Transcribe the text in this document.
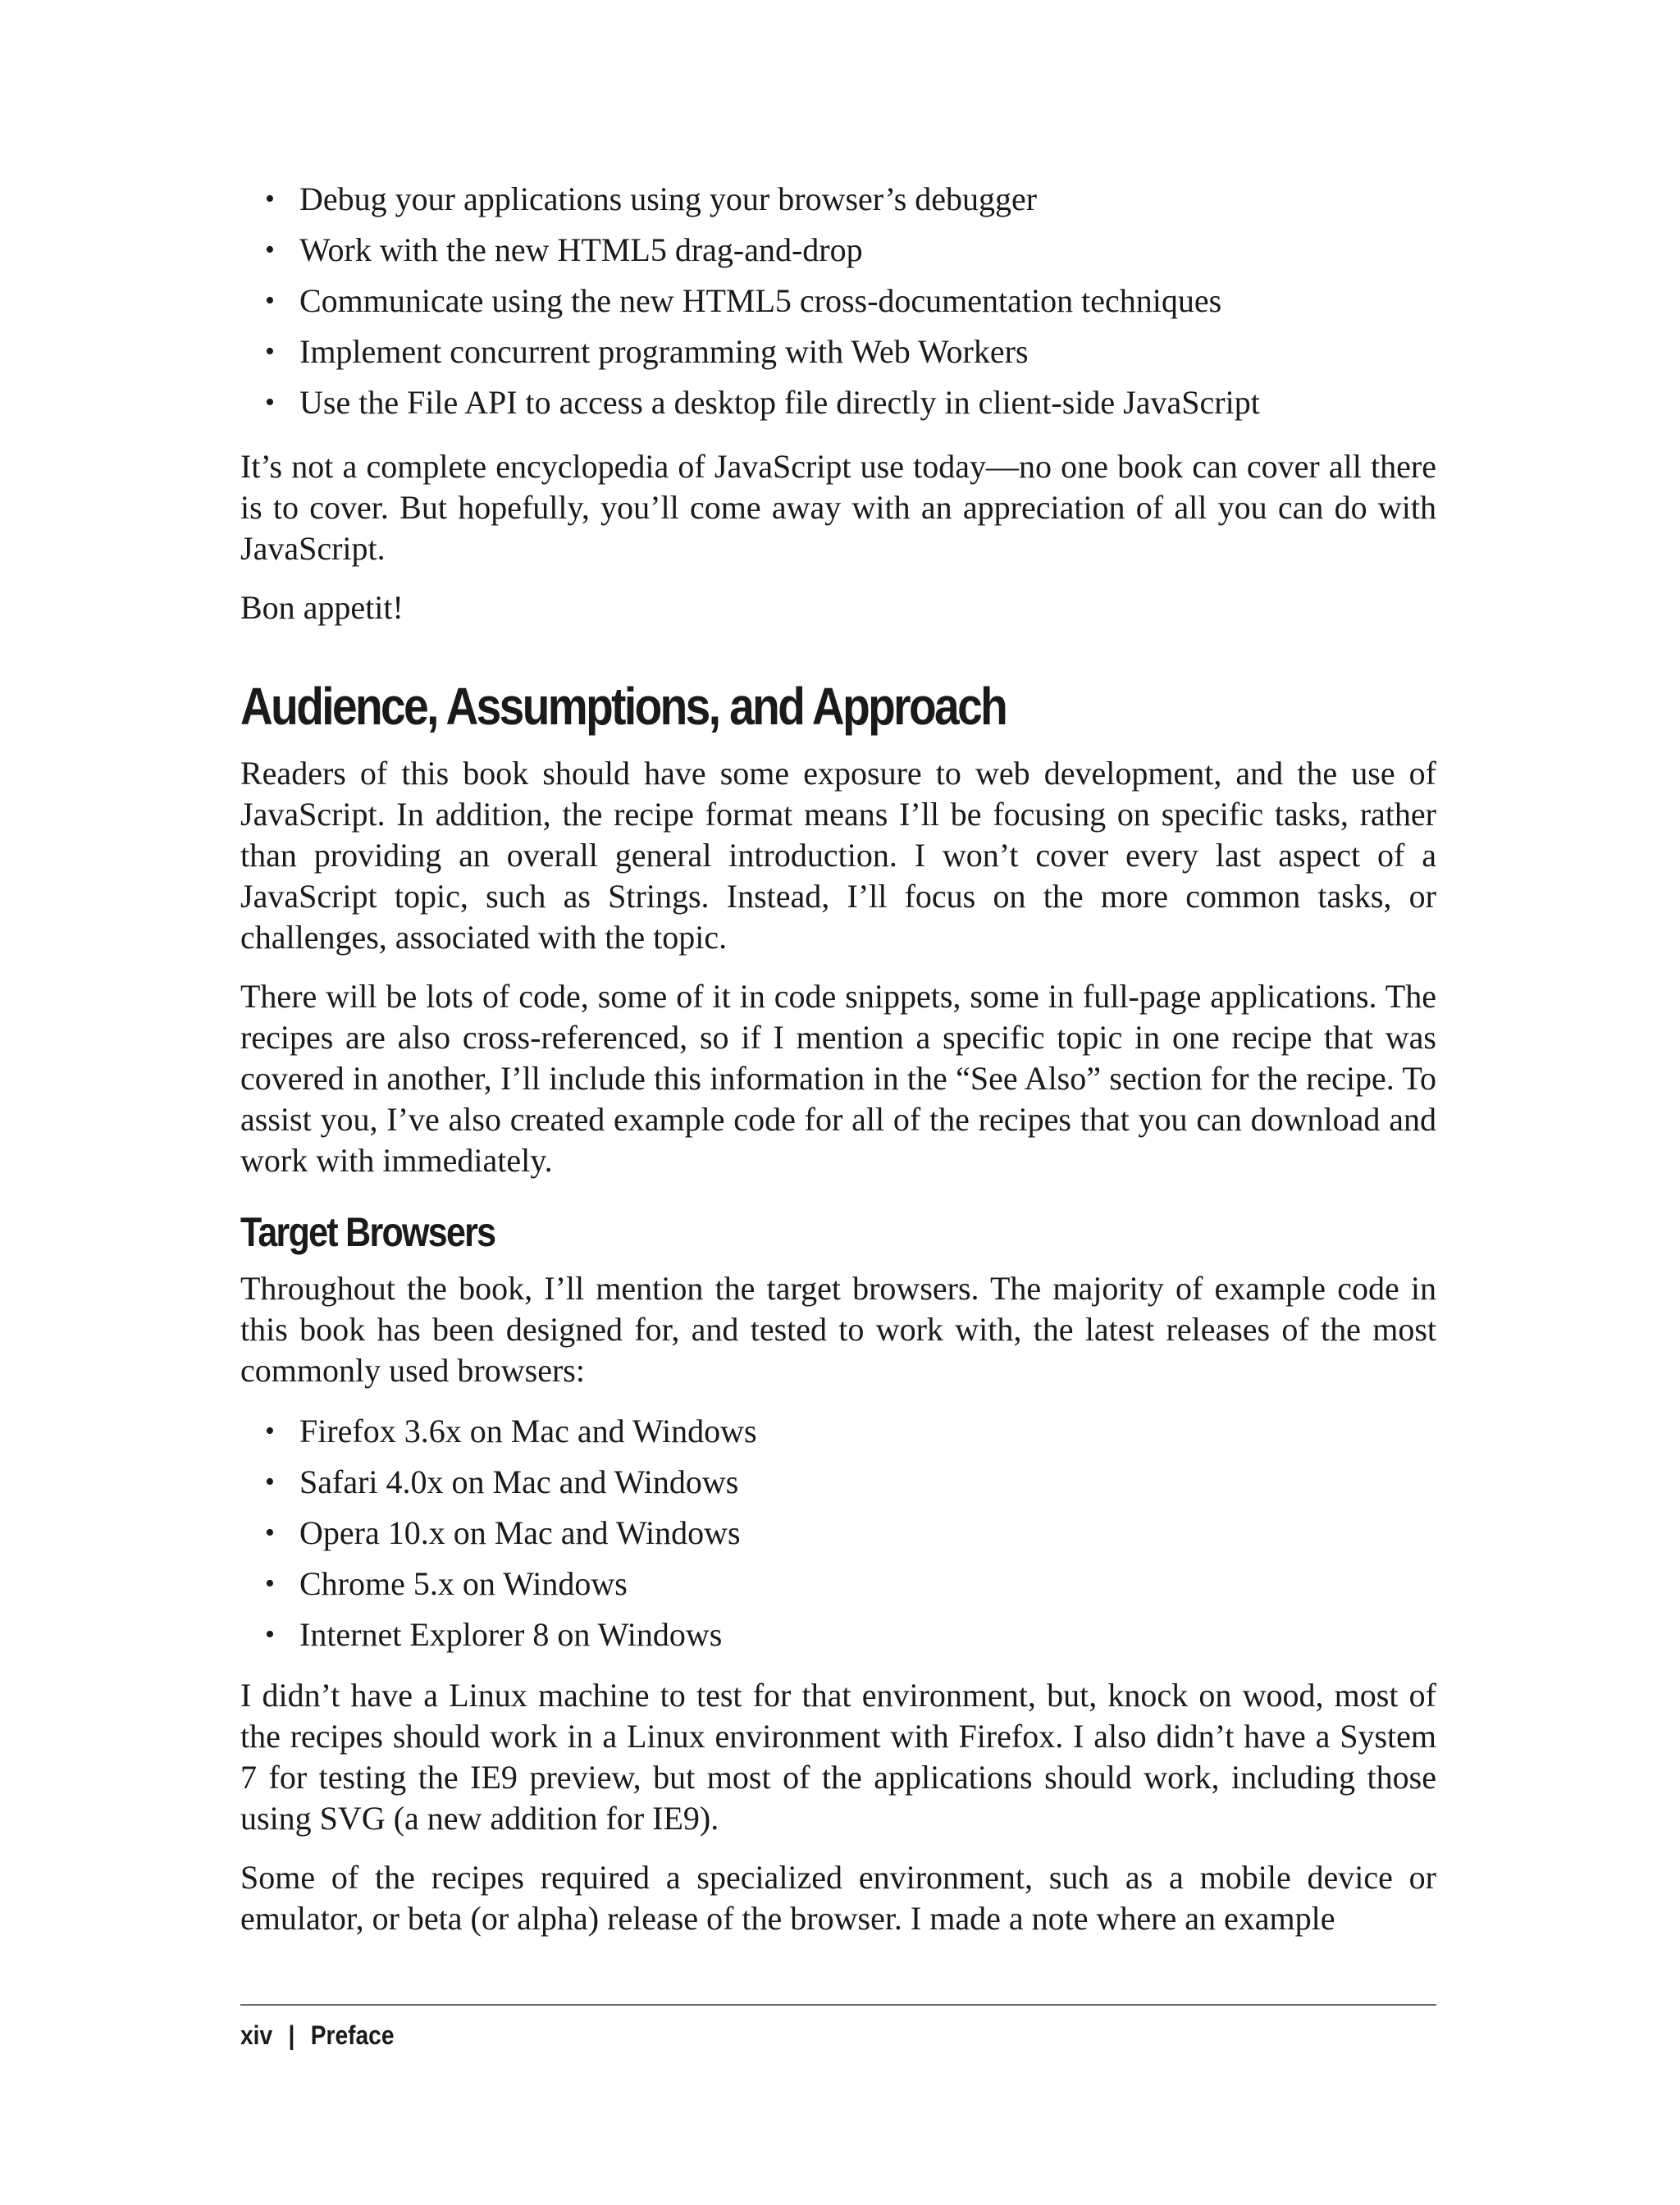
• Debug your applications using your browser’s debugger
• Work with the new HTML5 drag-and-drop
• Communicate using the new HTML5 cross-documentation techniques
• Implement concurrent programming with Web Workers
• Use the File API to access a desktop file directly in client-side JavaScript

It’s not a complete encyclopedia of JavaScript use today—no one book can cover all there is to cover. But hopefully, you’ll come away with an appreciation of all you can do with JavaScript.

Bon appetit!

Audience, Assumptions, and Approach

Readers of this book should have some exposure to web development, and the use of JavaScript. In addition, the recipe format means I’ll be focusing on specific tasks, rather than providing an overall general introduction. I won’t cover every last aspect of a JavaScript topic, such as Strings. Instead, I’ll focus on the more common tasks, or challenges, associated with the topic.

There will be lots of code, some of it in code snippets, some in full-page applications. The recipes are also cross-referenced, so if I mention a specific topic in one recipe that was covered in another, I’ll include this information in the “See Also” section for the recipe. To assist you, I’ve also created example code for all of the recipes that you can download and work with immediately.

Target Browsers

Throughout the book, I’ll mention the target browsers. The majority of example code in this book has been designed for, and tested to work with, the latest releases of the most commonly used browsers:

• Firefox 3.6x on Mac and Windows
• Safari 4.0x on Mac and Windows
• Opera 10.x on Mac and Windows
• Chrome 5.x on Windows
• Internet Explorer 8 on Windows

I didn’t have a Linux machine to test for that environment, but, knock on wood, most of the recipes should work in a Linux environment with Firefox. I also didn’t have a System 7 for testing the IE9 preview, but most of the applications should work, including those using SVG (a new addition for IE9).

Some of the recipes required a specialized environment, such as a mobile device or emulator, or beta (or alpha) release of the browser. I made a note where an example

xiv | Preface
